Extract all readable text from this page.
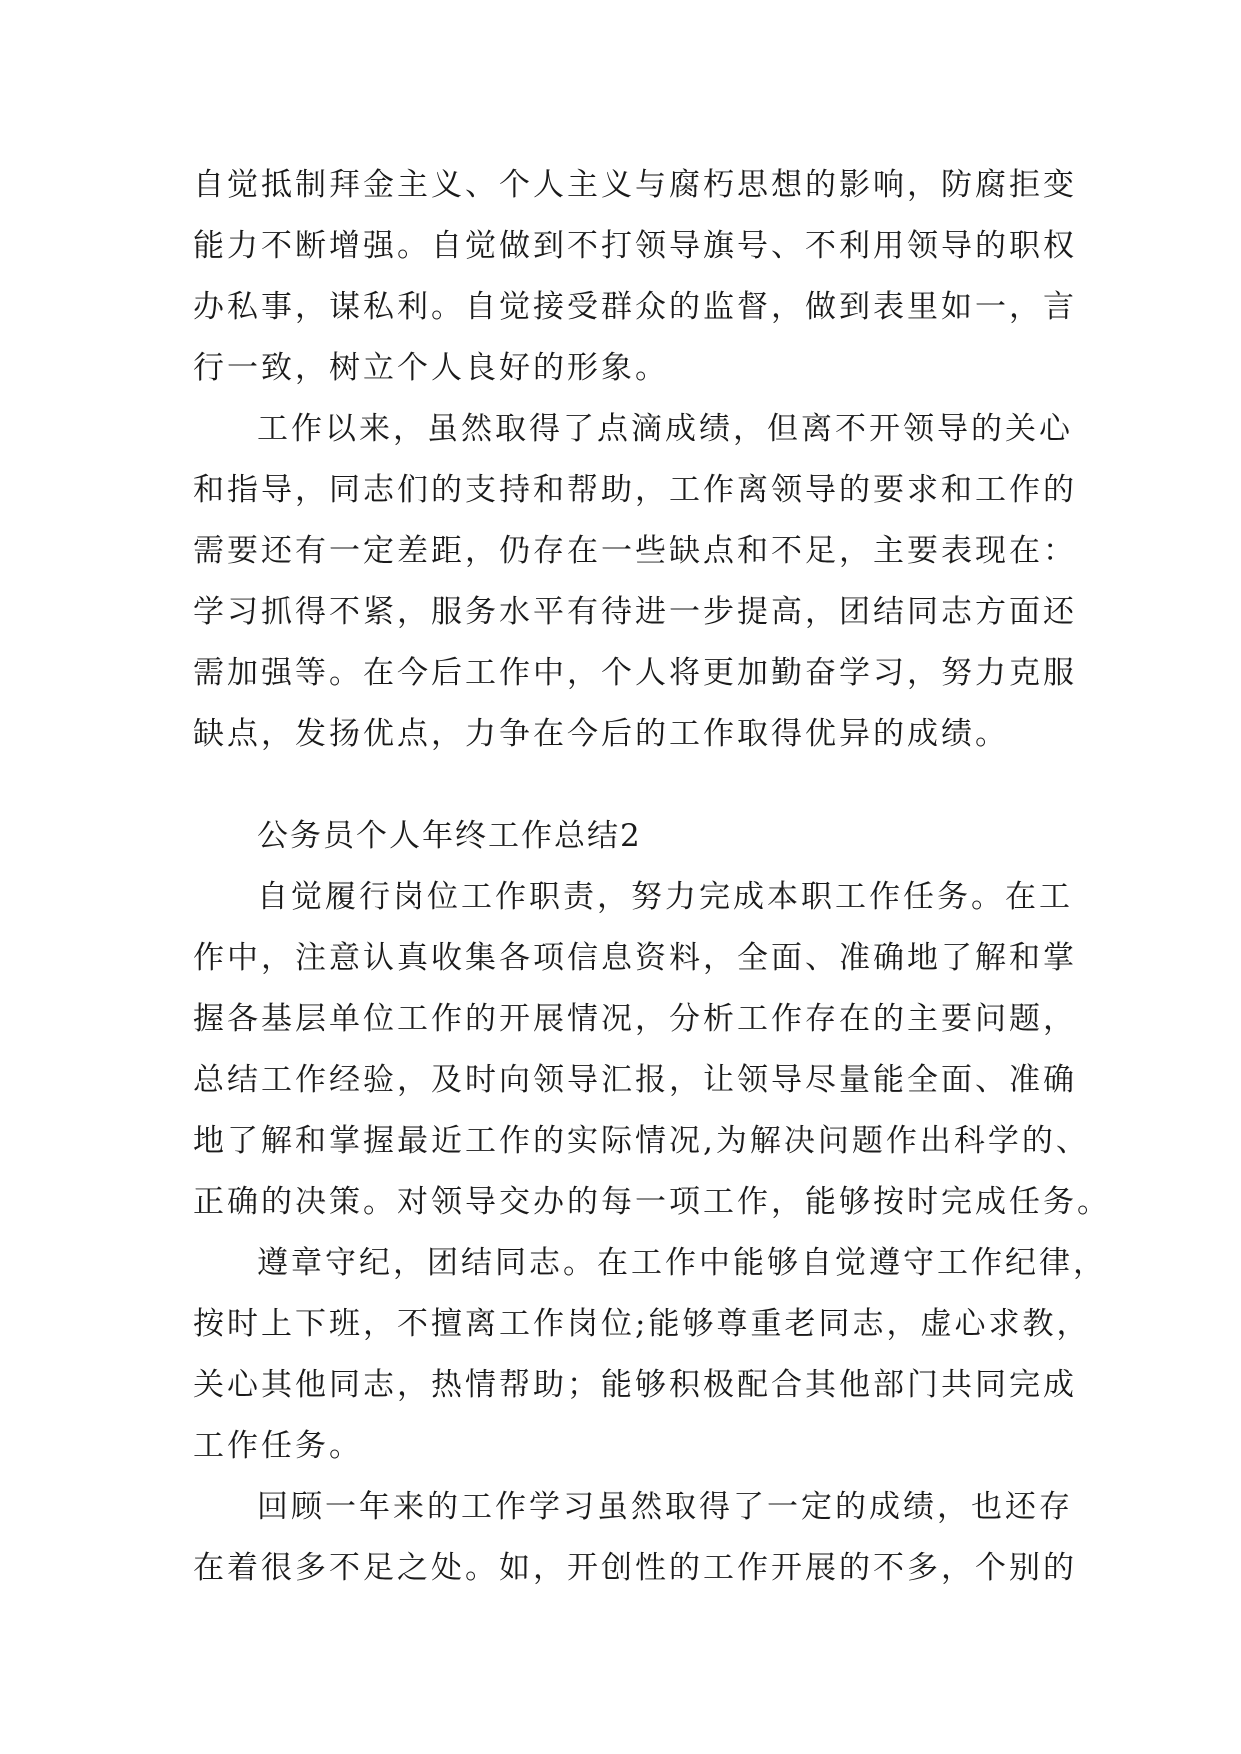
自觉抵制拜金主义、个人主义与腐朽思想的影响，防腐拒变
能力不断增强。自觉做到不打领导旗号、不利用领导的职权
办私事，谋私利。自觉接受群众的监督，做到表里如一，言
行一致，树立个人良好的形象。
工作以来，虽然取得了点滴成绩，但离不开领导的关心
和指导，同志们的支持和帮助，工作离领导的要求和工作的
需要还有一定差距，仍存在一些缺点和不足，主要表现在：
学习抓得不紧，服务水平有待进一步提高，团结同志方面还
需加强等。在今后工作中，个人将更加勤奋学习，努力克服
缺点，发扬优点，力争在今后的工作取得优异的成绩。
公务员个人年终工作总结2
自觉履行岗位工作职责，努力完成本职工作任务。在工
作中，注意认真收集各项信息资料，全面、准确地了解和掌
握各基层单位工作的开展情况，分析工作存在的主要问题，
总结工作经验，及时向领导汇报，让领导尽量能全面、准确
地了解和掌握最近工作的实际情况,为解决问题作出科学的、
正确的决策。对领导交办的每一项工作，能够按时完成任务。
遵章守纪，团结同志。在工作中能够自觉遵守工作纪律，
按时上下班，不擅离工作岗位;能够尊重老同志，虚心求教，
关心其他同志，热情帮助；能够积极配合其他部门共同完成
工作任务。
回顾一年来的工作学习虽然取得了一定的成绩，也还存
在着很多不足之处。如，开创性的工作开展的不多，个别的
